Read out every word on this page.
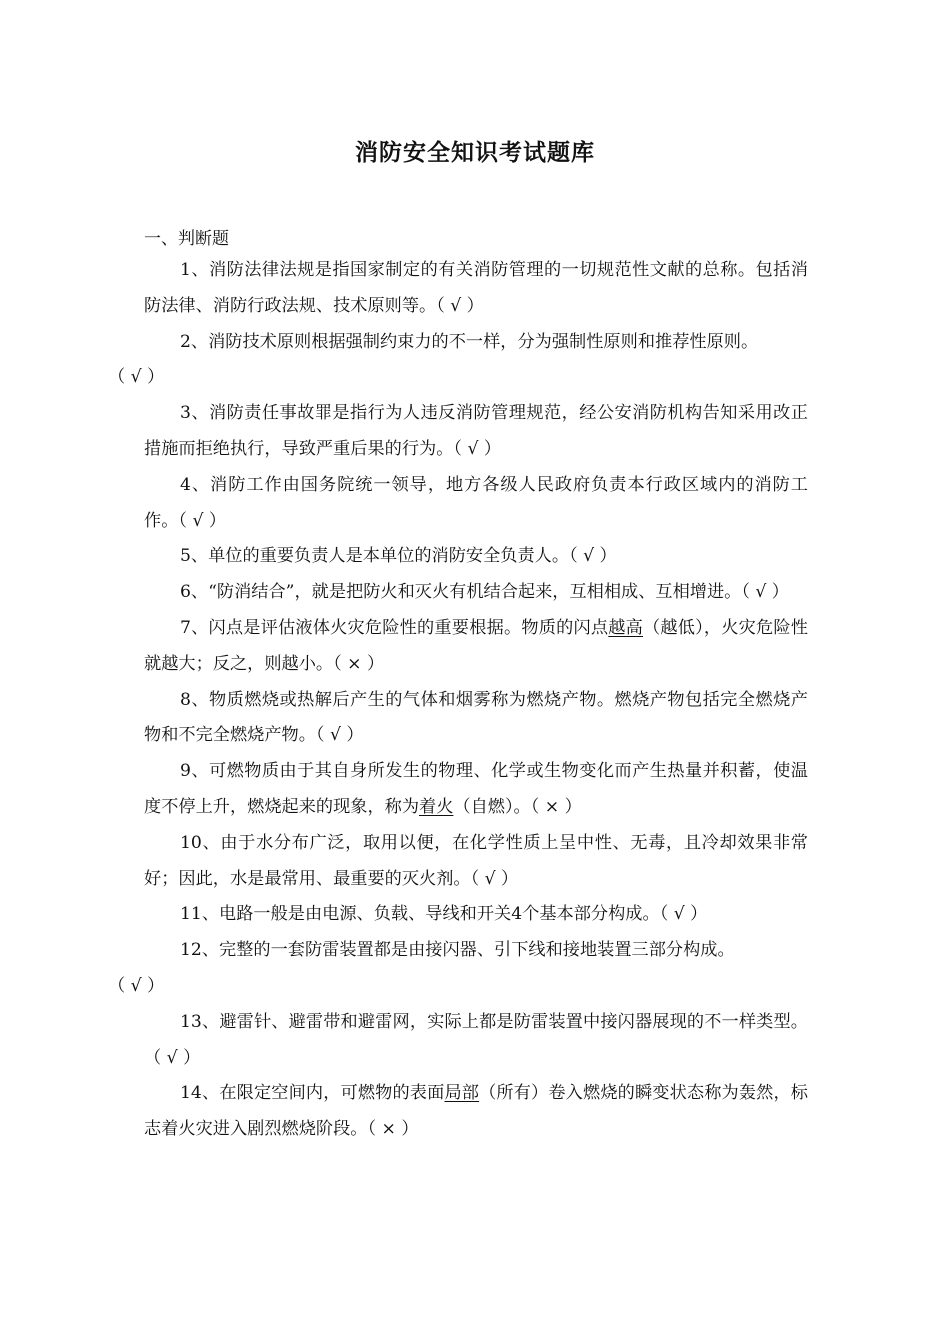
消防安全知识考试题库
一、判断题

1、消防法律法规是指国家制定的有关消防管理的一切规范性文献的总称。包括消防法律、消防行政法规、技术原则等。（ √ ）

2、消防技术原则根据强制约束力的不一样，分为强制性原则和推荐性原则。
（ √ ）

3、消防责任事故罪是指行为人违反消防管理规范，经公安消防机构告知采用改正措施而拒绝执行，导致严重后果的行为。（ √ ）

4、消防工作由国务院统一领导，地方各级人民政府负责本行政区域内的消防工作。（ √ ）

5、单位的重要负责人是本单位的消防安全负责人。（ √ ）

6、“防消结合”，就是把防火和灭火有机结合起来，互相相成、互相增进。（ √ ）

7、闪点是评估液体火灾危险性的重要根据。物质的闪点越高（越低），火灾危险性就越大；反之，则越小。（ × ）

8、物质燃烧或热解后产生的气体和烟雾称为燃烧产物。燃烧产物包括完全燃烧产物和不完全燃烧产物。（ √ ）

9、可燃物质由于其自身所发生的物理、化学或生物变化而产生热量并积蓄，使温度不停上升，燃烧起来的现象，称为着火（自燃）。（ × ）

10、由于水分布广泛，取用以便，在化学性质上呈中性、无毒，且冷却效果非常好；因此，水是最常用、最重要的灭火剂。（ √ ）

11、电路一般是由电源、负载、导线和开关4个基本部分构成。（ √ ）

12、完整的一套防雷装置都是由接闪器、引下线和接地装置三部分构成。
（ √ ）

13、避雷针、避雷带和避雷网，实际上都是防雷装置中接闪器展现的不一样类型。（ √ ）

14、在限定空间内，可燃物的表面局部（所有）卷入燃烧的瞬变状态称为轰然，标志着火灾进入剧烈燃烧阶段。（ × ）
